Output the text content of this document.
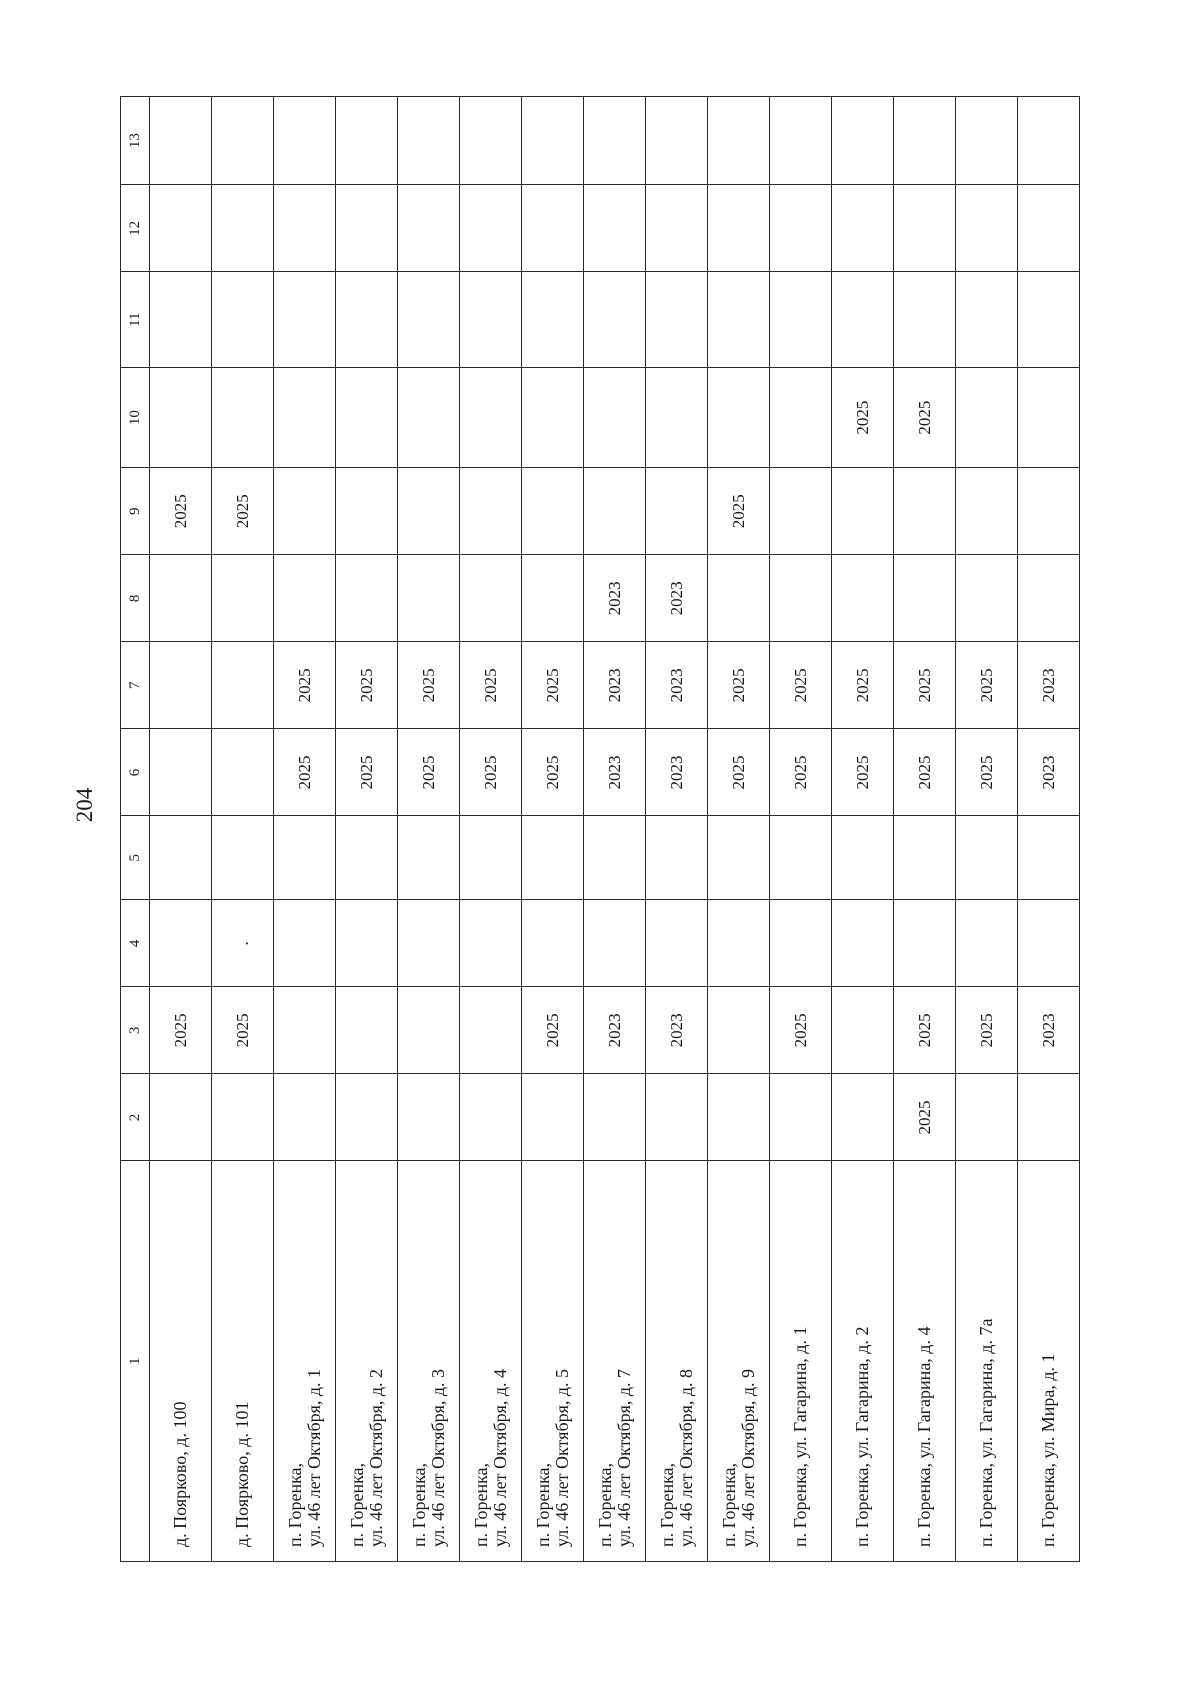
204
1	2	3	4	5	6	7	8	9	10	11	12	13

д. Поярково, д. 100		2025						2025				

д. Поярково, д. 101		2025	.					2025				

п. Горенка, ул. 46 лет Октября, д. 1					2025	2025						

п. Горенка, ул. 46 лет Октября, д. 2					2025	2025						

п. Горенка, ул. 46 лет Октября, д. 3					2025	2025						

п. Горенка, ул. 46 лет Октября, д. 4					2025	2025						

п. Горенка, ул. 46 лет Октября, д. 5		2025			2025	2025						

п. Горенка, ул. 46 лет Октября, д. 7		2023			2023	2023	2023					

п. Горенка, ул. 46 лет Октября, д. 8		2023			2023	2023	2023					

п. Горенка, ул. 46 лет Октября, д. 9					2025	2025		2025				

п. Горенка, ул. Гагарина, д. 1		2025			2025	2025						

п. Горенка, ул. Гагарина, д. 2					2025	2025			2025			

п. Горенка, ул. Гагарина, д. 4	2025	2025			2025	2025			2025			

п. Горенка, ул. Гагарина, д. 7а		2025			2025	2025						

п. Горенка, ул. Мира, д. 1		2023			2023	2023						
